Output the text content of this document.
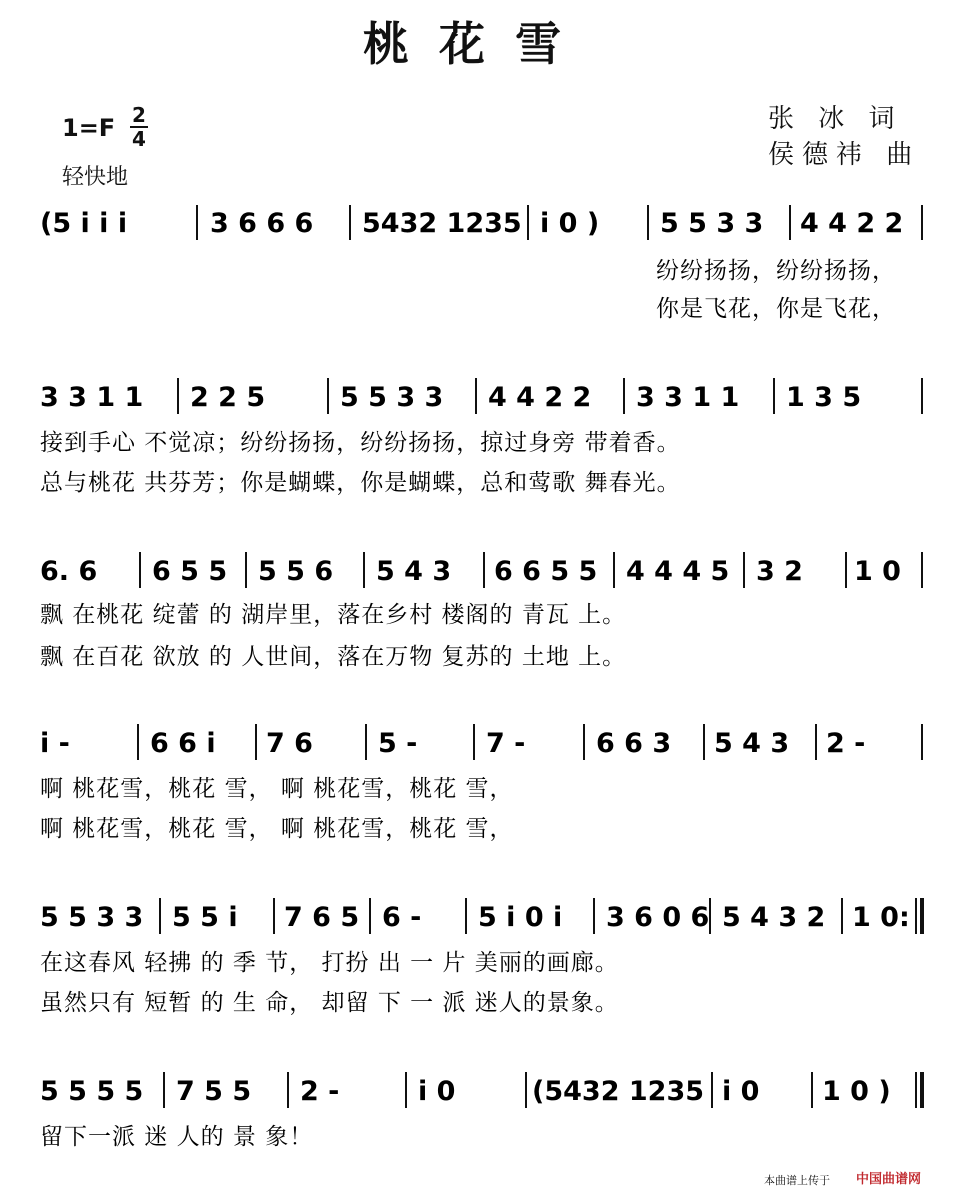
桃花雪
1=F 2
4
轻快地
张 冰 词
侯德祎 曲
(5 i i i	3 6 6 6 5432 1235 i 0 ) 5 5 3 3 4 4 2 2
纷纷扬扬，纷纷扬扬，
你是飞花，你是飞花，
3 3 1 1 2 2 5	5 5 3 3 4 4 2 2 3 3 1 1 1 3 5
接到手心 不觉凉；纷纷扬扬，纷纷扬扬，掠过身旁 带着香。
总与桃花 共芬芳；你是蝴蝶，你是蝴蝶，总和莺歌 舞春光。
6. 6 6 5 5 5 5 6 5 4 3 6 6 5 5 4 4 4 5 3 2 1 0
飘 在桃花 绽蕾 的 湖岸里，落在乡村 楼阁的 青瓦 上。
飘 在百花 欲放 的 人世间，落在万物 复苏的 土地 上。
i -	6 6 i 7 6 5 -	7 -	6 6 3 5 4 3 2 -
啊 桃花雪，桃花 雪， 啊 桃花雪，桃花 雪，
啊 桃花雪，桃花 雪， 啊 桃花雪，桃花 雪，
5 5 3 3 5 5 i 7 6 5 6 - 5 i 0 i 3 6 0 6 5 4 3 2 1 0:
在这春风 轻拂 的 季 节， 打扮 出 一 片 美丽的画廊。
虽然只有 短暂 的 生 命， 却留 下 一 派 迷人的景象。
5 5 5 5 7 5 5 2 -	i 0	(5432 1235 i 0 1 0 )
留下一派 迷 人的 景 象！
本曲谱上传于 中国曲谱网
